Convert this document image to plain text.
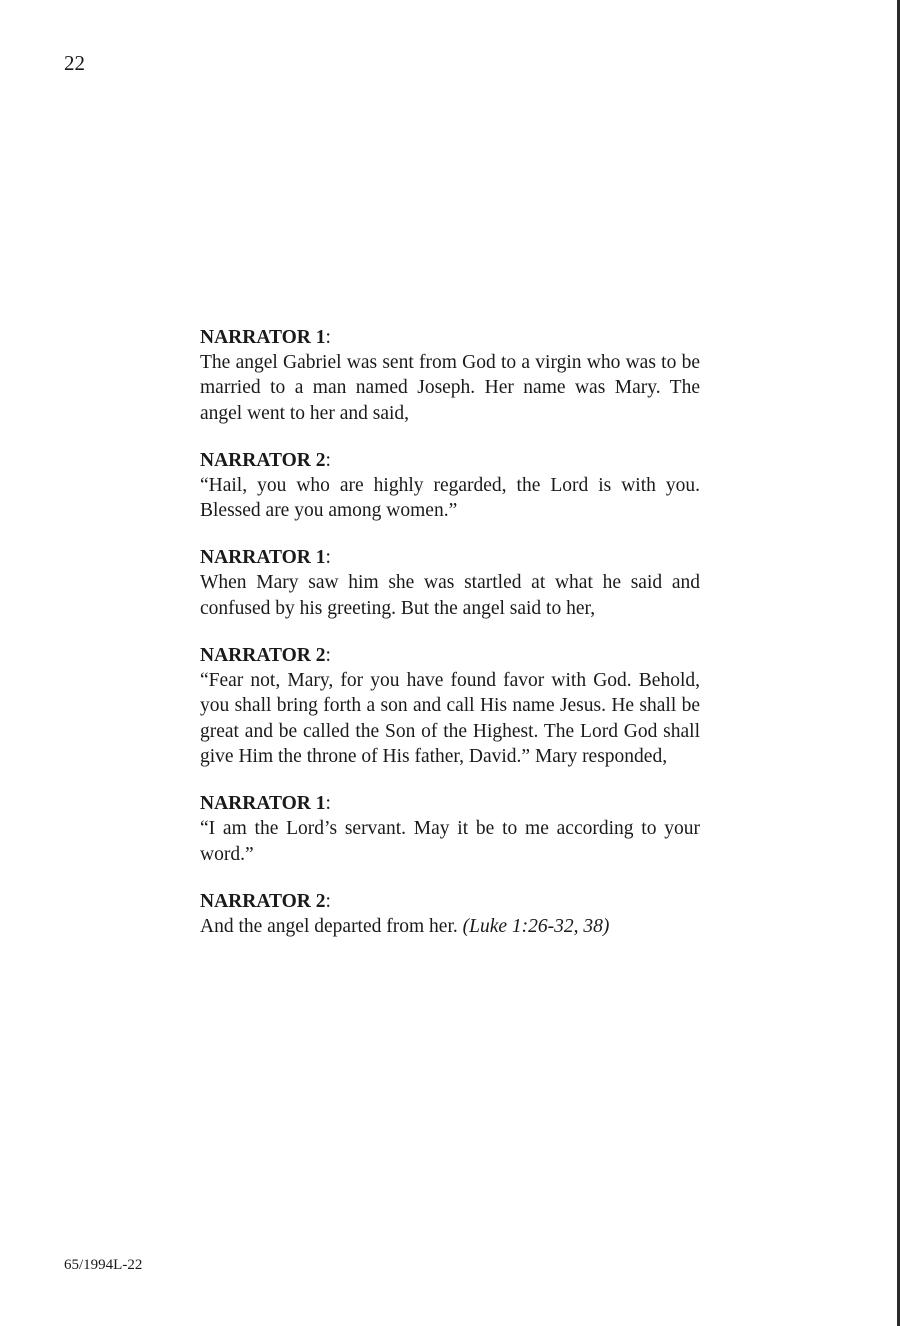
22
NARRATOR 1:
The angel Gabriel was sent from God to a virgin who was to be married to a man named Joseph. Her name was Mary. The angel went to her and said,
NARRATOR 2:
“Hail, you who are highly regarded, the Lord is with you. Blessed are you among women.”
NARRATOR 1:
When Mary saw him she was startled at what he said and confused by his greeting. But the angel said to her,
NARRATOR 2:
“Fear not, Mary, for you have found favor with God. Behold, you shall bring forth a son and call His name Jesus. He shall be great and be called the Son of the Highest. The Lord God shall give Him the throne of His father, David.” Mary responded,
NARRATOR 1:
“I am the Lord’s servant. May it be to me according to your word.”
NARRATOR 2:
And the angel departed from her. (Luke 1:26-32, 38)
65/1994L-22
